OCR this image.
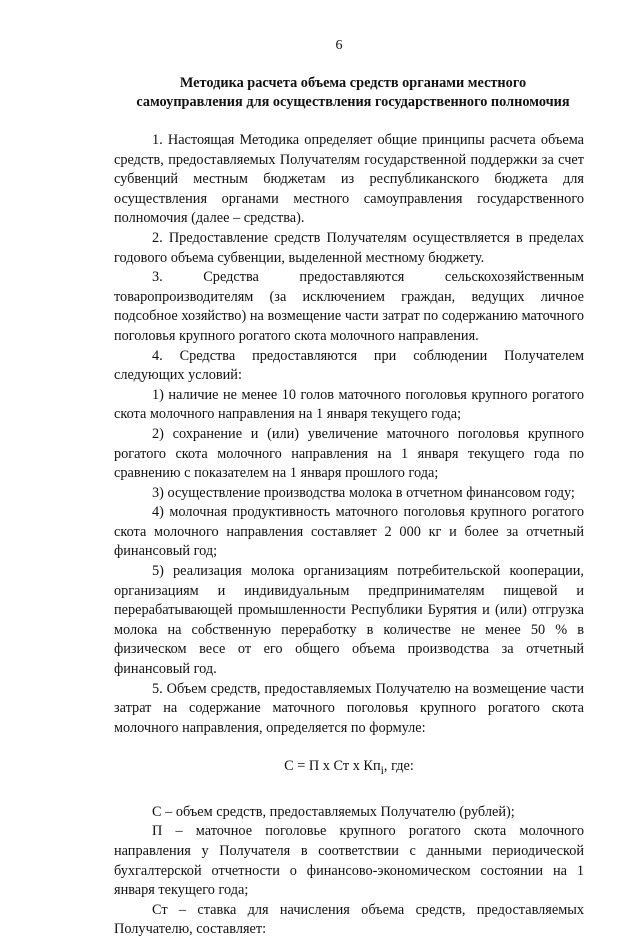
6
Методика расчета объема средств органами местного
самоуправления для осуществления государственного полномочия

1. Настоящая Методика определяет общие принципы расчета объема средств, предоставляемых Получателям государственной поддержки за счет субвенций местным бюджетам из республиканского бюджета для осуществления органами местного самоуправления государственного полномочия (далее – средства).

2. Предоставление средств Получателям осуществляется в пределах годового объема субвенции, выделенной местному бюджету.

3. Средства предоставляются сельскохозяйственным товаропроизводителям (за исключением граждан, ведущих личное подсобное хозяйство) на возмещение части затрат по содержанию маточного поголовья крупного рогатого скота молочного направления.

4. Средства предоставляются при соблюдении Получателем следующих условий:

1) наличие не менее 10 голов маточного поголовья крупного рогатого скота молочного направления на 1 января текущего года;

2) сохранение и (или) увеличение маточного поголовья крупного рогатого скота молочного направления на 1 января текущего года по сравнению с показателем на 1 января прошлого года;

3) осуществление производства молока в отчетном финансовом году;

4) молочная продуктивность маточного поголовья крупного рогатого скота молочного направления составляет 2 000 кг и более за отчетный финансовый год;

5) реализация молока организациям потребительской кооперации, организациям и индивидуальным предпринимателям пищевой и перерабатывающей промышленности Республики Бурятия и (или) отгрузка молока на собственную переработку в количестве не менее 50 % в физическом весе от его общего объема производства за отчетный финансовый год.

5. Объем средств, предоставляемых Получателю на возмещение части затрат на содержание маточного поголовья крупного рогатого скота молочного направления, определяется по формуле:

С = П х Ст х $Кп_i$, где:

С – объем средств, предоставляемых Получателю (рублей);

П – маточное поголовье крупного рогатого скота молочного направления у Получателя в соответствии с данными периодической бухгалтерской отчетности о финансово-экономическом состоянии на 1 января текущего года;

Ст – ставка для начисления объема средств, предоставляемых Получателю, составляет:
